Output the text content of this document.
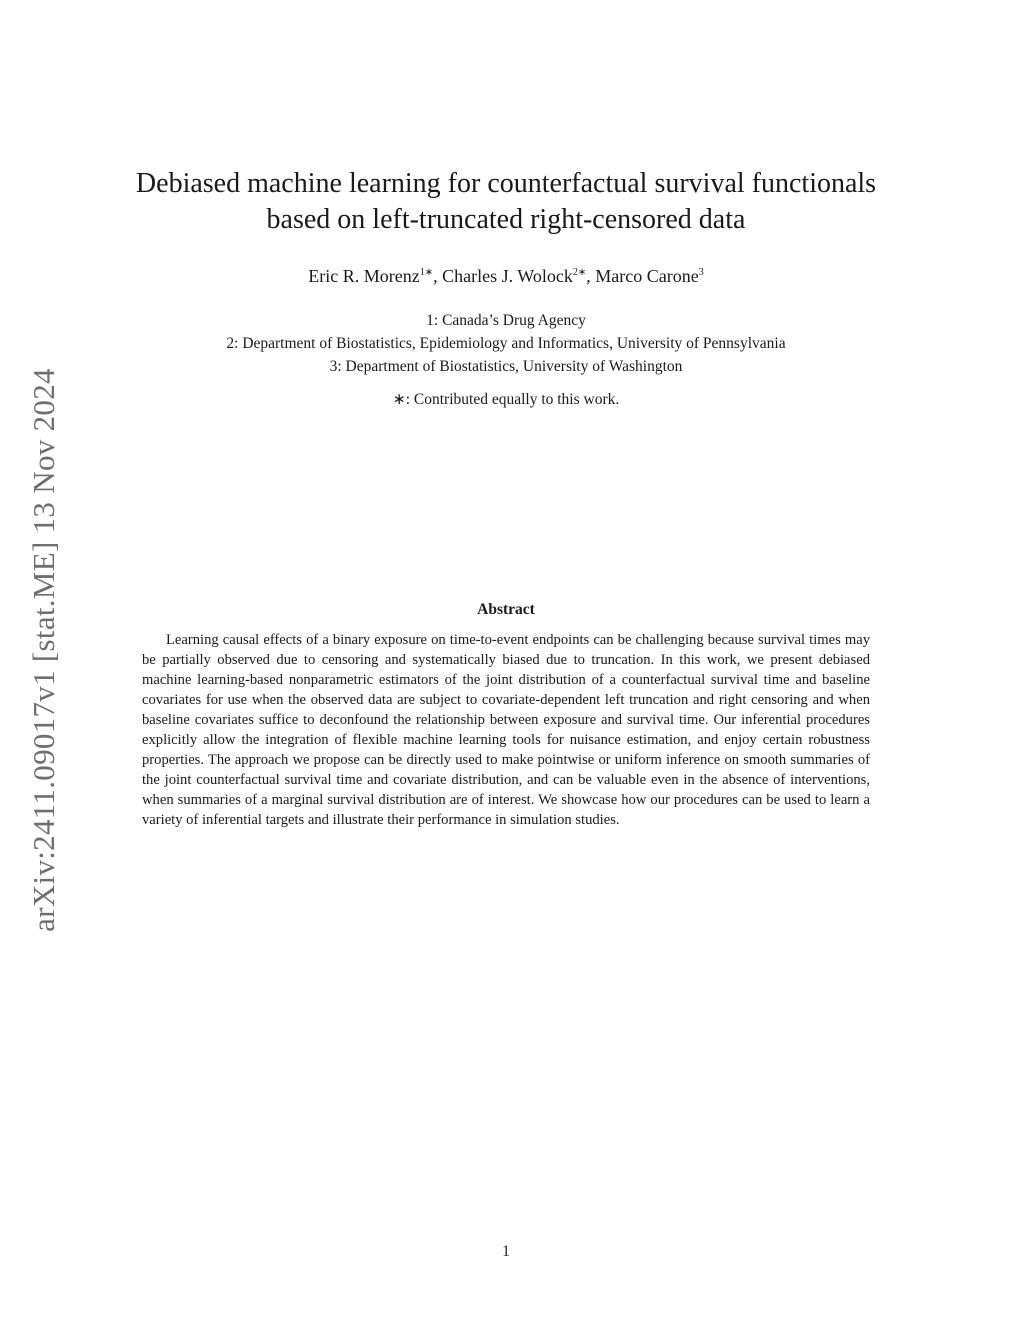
arXiv:2411.09017v1 [stat.ME] 13 Nov 2024
Debiased machine learning for counterfactual survival functionals
based on left-truncated right-censored data
Eric R. Morenz$^{1∗}$, Charles J. Wolock$^{2∗}$, Marco Carone$^3$
1: Canada’s Drug Agency
2: Department of Biostatistics, Epidemiology and Informatics, University of Pennsylvania
3: Department of Biostatistics, University of Washington
∗: Contributed equally to this work.
Abstract

Learning causal effects of a binary exposure on time-to-event endpoints can be challenging because survival times may be partially observed due to censoring and systematically biased due to truncation. In this work, we present debiased machine learning-based nonparametric estimators of the joint distribution of a counterfactual survival time and baseline covariates for use when the observed data are subject to covariate-dependent left truncation and right censoring and when baseline covariates suffice to deconfound the relationship between exposure and survival time. Our inferential procedures explicitly allow the integration of flexible machine learning tools for nuisance estimation, and enjoy certain robustness properties. The approach we propose can be directly used to make pointwise or uniform inference on smooth summaries of the joint counterfactual survival time and covariate distribution, and can be valuable even in the absence of interventions, when summaries of a marginal survival distribution are of interest. We showcase how our procedures can be used to learn a variety of inferential targets and illustrate their performance in simulation studies.

1
